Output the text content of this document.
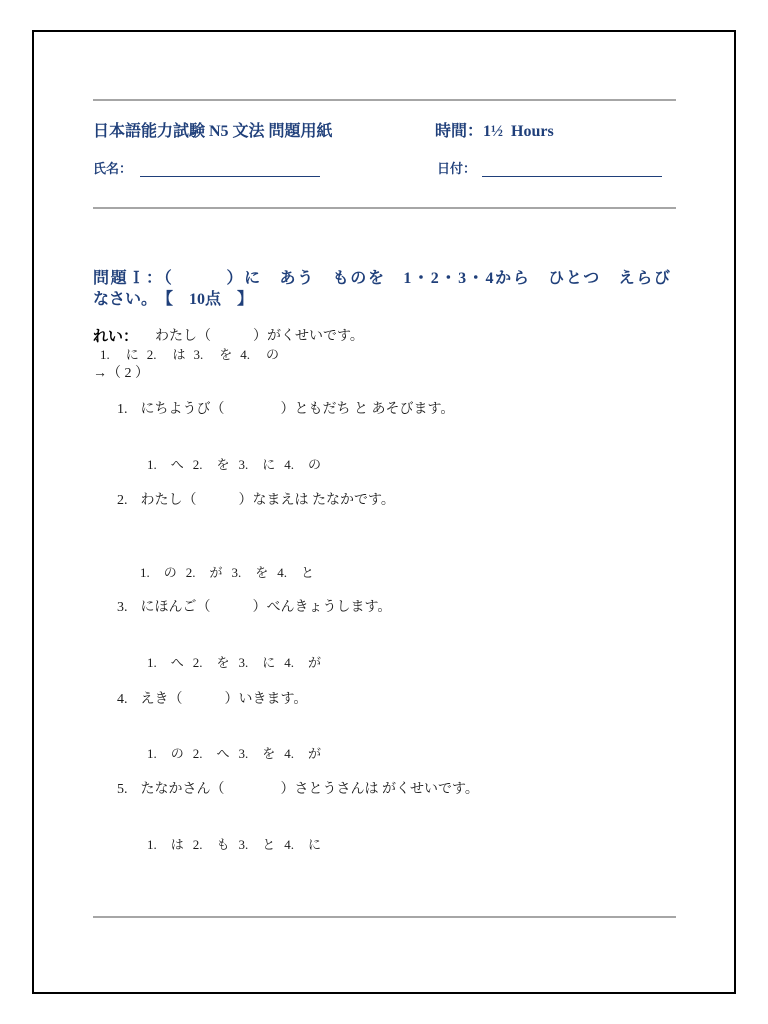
日本語能力試験 N5 文法 問題用紙	時間：1½  Hours
氏名：	日付：
問題Ｉ：（　　　）に　あう　ものを　1・2・3・4から　ひとつ　えらび
なさい。　【　10点　】
れい： わたし（　　　）がくせいです。
1. に 2. は 3. を 4. の
→（ 2 ）
1. にちようび（　　　　）ともだち と あそびます。
1. へ 2. を 3. に 4. の
2. わたし（　　　）なまえは たなかです。
1. の 2. が 3. を 4. と
3. にほんご（　　　）べんきょうします。
1. へ 2. を 3. に 4. が
4. えき（　　　）いきます。
1. の 2. へ 3. を 4. が
5. たなかさん（　　　　）さとうさんは がくせいです。
1. は 2. も 3. と 4. に
